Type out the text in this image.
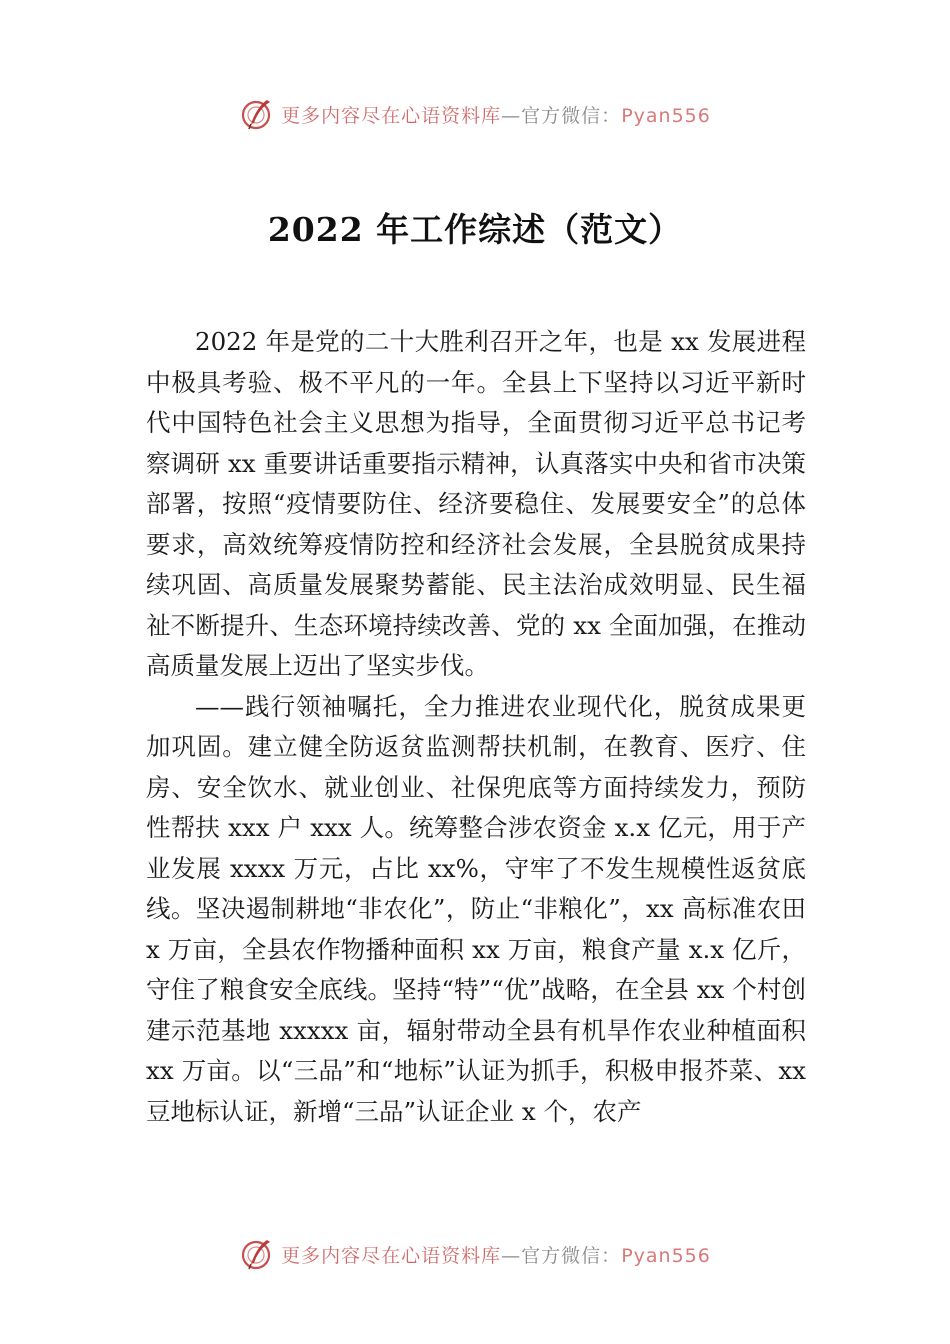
更多内容尽在心语资料库—官方微信：Pyan556
2022 年工作综述（范文）

2022 年是党的二十大胜利召开之年，也是 xx 发展进程中极具考验、极不平凡的一年。全县上下坚持以习近平新时代中国特色社会主义思想为指导，全面贯彻习近平总书记考察调研 xx 重要讲话重要指示精神，认真落实中央和省市决策部署，按照“疫情要防住、经济要稳住、发展要安全”的总体要求，高效统筹疫情防控和经济社会发展，全县脱贫成果持续巩固、高质量发展聚势蓄能、民主法治成效明显、民生福祉不断提升、生态环境持续改善、党的 xx 全面加强，在推动高质量发展上迈出了坚实步伐。

——践行领袖嘱托，全力推进农业现代化，脱贫成果更加巩固。建立健全防返贫监测帮扶机制，在教育、医疗、住房、安全饮水、就业创业、社保兜底等方面持续发力，预防 性帮扶 xxx 户 xxx 人。统筹整合涉农资金 x.x 亿元，用于产业发展 xxxx 万元，占比 xx%，守牢了不发生规模性返贫底线。坚决遏制耕地“非农化”，防止“非粮化”，xx 高标准农田 x 万亩，全县农作物播种面积 xx 万亩，粮食产量 x.x 亿斤，守住了粮食安全底线。坚持“特”“优”战略，在全县 xx 个村创建示范基地 xxxxx 亩，辐射带动全县有机旱作农业种植面积 xx 万亩。以“三品”和“地标”认证为抓手，积极申报芥菜、xx 豆地标认证，新增“三品”认证企业 x 个，农产

更多内容尽在心语资料库—官方微信：Pyan556
